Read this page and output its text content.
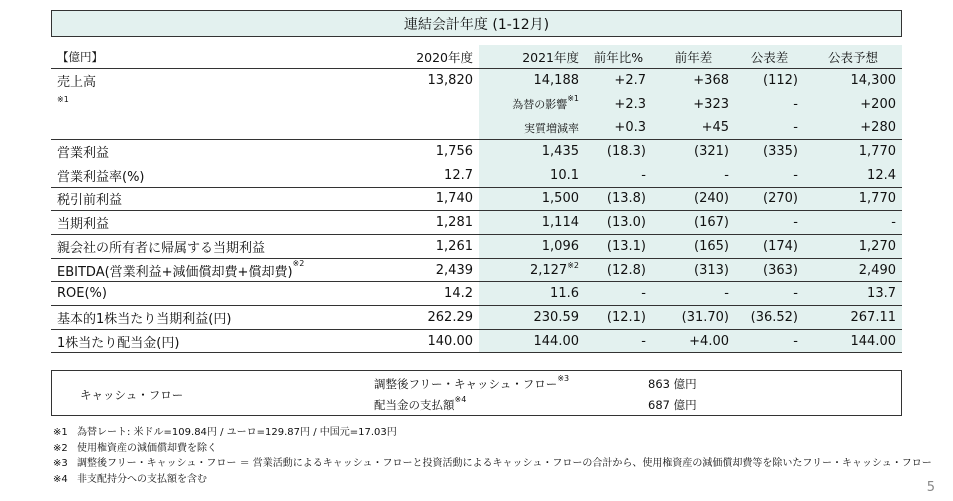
連結会計年度 (1-12月)
【億円】	2020年度	2021年度	前年比%	前年差	公表差	公表予想
売上高	13,820	14,188	+2.7	+368	(112)	14,300
$^{※1}$		為替の影響$^{※1}$	+2.3	+323	-	+200
		実質増減率	+0.3	+45	-	+280
営業利益	1,756	1,435	(18.3)	(321)	(335)	1,770
営業利益率(%)	12.7	10.1	-	-	-	12.4
税引前利益	1,740	1,500	(13.8)	(240)	(270)	1,770
当期利益	1,281	1,114	(13.0)	(167)	-	-
親会社の所有者に帰属する当期利益	1,261	1,096	(13.1)	(165)	(174)	1,270
EBITDA(営業利益+減価償却費+償却費)$^{※2}$	2,439	2,127$^{※2}$	(12.8)	(313)	(363)	2,490
ROE(%)	14.2	11.6	-	-	-	13.7
基本的1株当たり当期利益(円)	262.29	230.59	(12.1)	(31.70)	(36.52)	267.11
1株当たり配当金(円)	140.00	144.00	-	+4.00	-	144.00
キャッシュ・フロー
調整後フリー・キャッシュ・フロー$^{※3}$	863 億円
配当金の支払額$^{※4}$	687 億円
※1 為替レート: 米ドル=109.84円 / ユーロ=129.87円 / 中国元=17.03円
※2 使用権資産の減価償却費を除く
※3 調整後フリー・キャッシュ・フロー ＝ 営業活動によるキャッシュ・フローと投資活動によるキャッシュ・フローの合計から、使用権資産の減価償却費等を除いたフリー・キャッシュ・フロー
※4 非支配持分への支払額を含む
5
